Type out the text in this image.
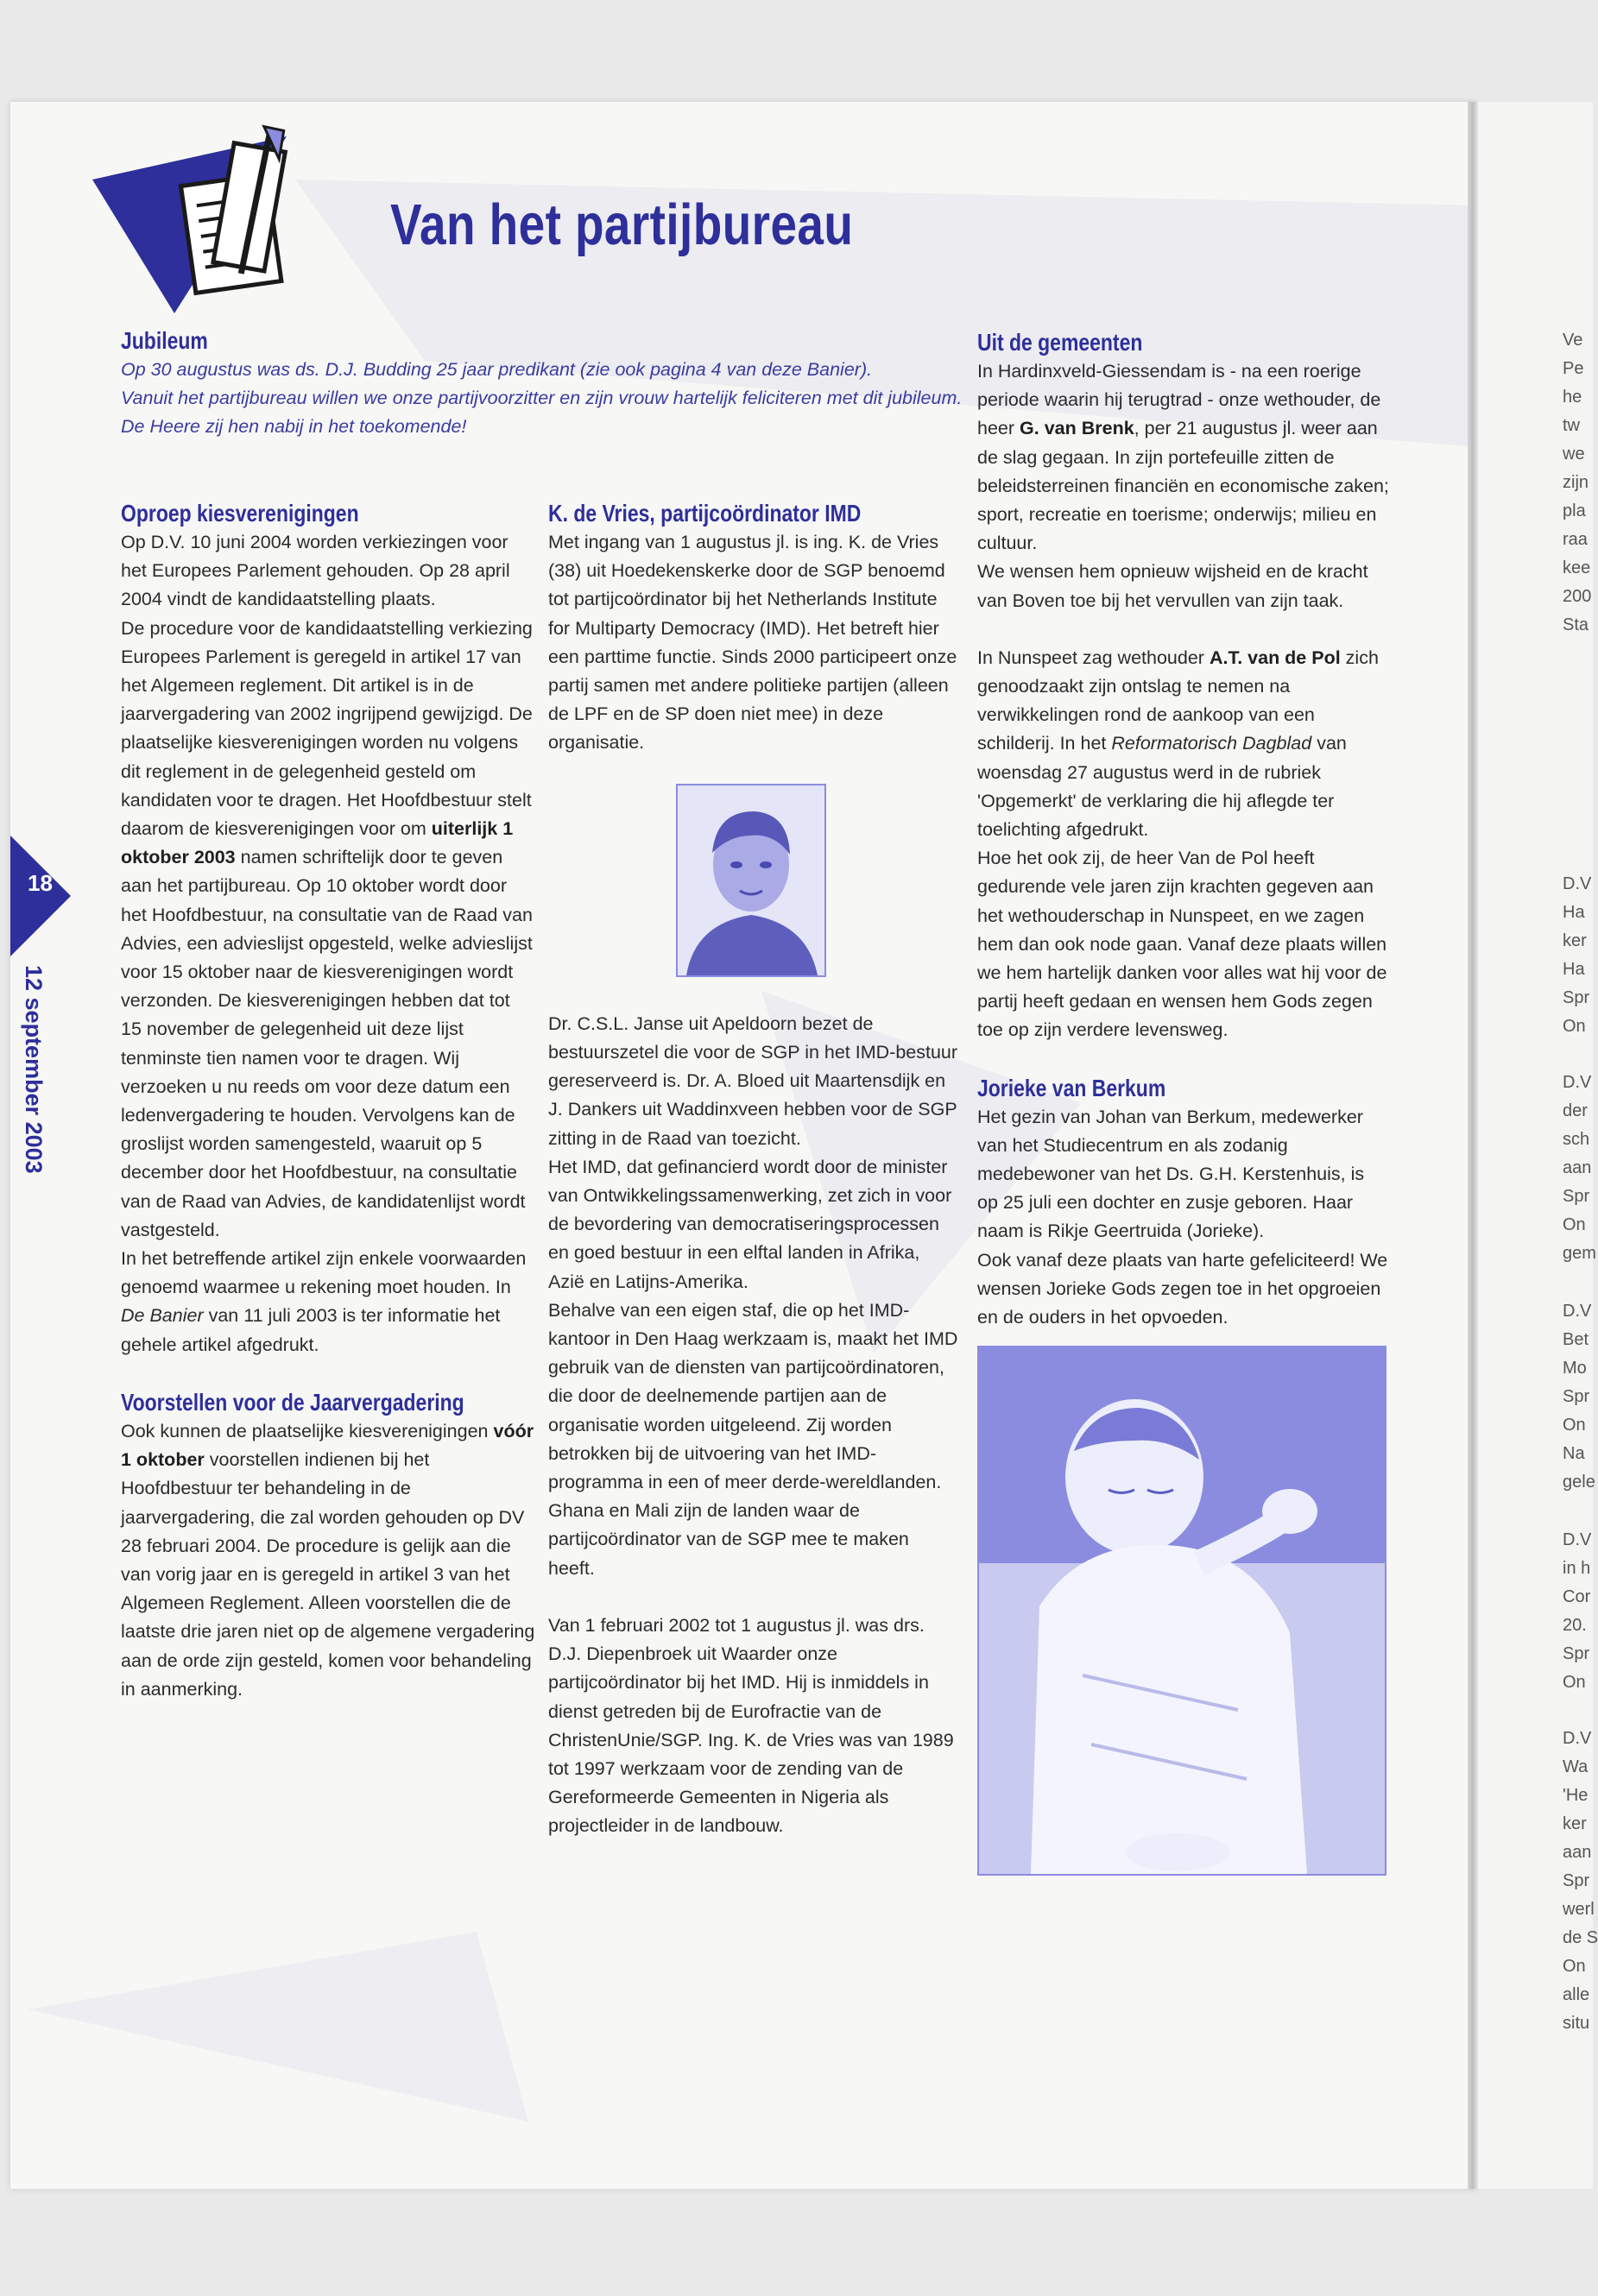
Van het partijbureau
18
12 september 2003
Jubileum

Op 30 augustus was ds. D.J. Budding 25 jaar predikant (zie ook pagina 4 van deze Banier).

Vanuit het partijbureau willen we onze partijvoorzitter en zijn vrouw hartelijk feliciteren met dit jubileum. De Heere zij hen nabij in het toekomende!

Oproep kiesverenigingen

Op D.V. 10 juni 2004 worden verkiezingen voor het Europees Parlement gehouden. Op 28 april 2004 vindt de kandidaatstelling plaats.

De procedure voor de kandidaatstelling verkiezing Europees Parlement is geregeld in artikel 17 van het Algemeen reglement. Dit artikel is in de jaarvergadering van 2002 ingrijpend gewijzigd. De plaatselijke kiesverenigingen worden nu volgens dit reglement in de gelegenheid gesteld om kandidaten voor te dragen. Het Hoofdbestuur stelt daarom de kiesverenigingen voor om uiterlijk 1 oktober 2003 namen schriftelijk door te geven aan het partijbureau. Op 10 oktober wordt door het Hoofdbestuur, na consultatie van de Raad van Advies, een advieslijst opgesteld, welke advieslijst voor 15 oktober naar de kiesverenigingen wordt verzonden. De kiesverenigingen hebben dat tot 15 november de gelegenheid uit deze lijst tenminste tien namen voor te dragen. Wij verzoeken u nu reeds om voor deze datum een ledenvergadering te houden. Vervolgens kan de groslijst worden samengesteld, waaruit op 5 december door het Hoofdbestuur, na consultatie van de Raad van Advies, de kandidatenlijst wordt vastgesteld.

In het betreffende artikel zijn enkele voorwaarden genoemd waarmee u rekening moet houden. In De Banier van 11 juli 2003 is ter informatie het gehele artikel afgedrukt.

Voorstellen voor de Jaarvergadering

Ook kunnen de plaatselijke kiesverenigingen vóór 1 oktober voorstellen indienen bij het Hoofdbestuur ter behandeling in de jaarvergadering, die zal worden gehouden op DV 28 februari 2004. De procedure is gelijk aan die van vorig jaar en is geregeld in artikel 3 van het Algemeen Reglement. Alleen voorstellen die de laatste drie jaren niet op de algemene vergadering aan de orde zijn gesteld, komen voor behandeling in aanmerking.

K. de Vries, partijcoördinator IMD

Met ingang van 1 augustus jl. is ing. K. de Vries (38) uit Hoedekenskerke door de SGP benoemd tot partijcoördinator bij het Netherlands Institute for Multiparty Democracy (IMD). Het betreft hier een parttime functie. Sinds 2000 participeert onze partij samen met andere politieke partijen (alleen de LPF en de SP doen niet mee) in deze organisatie.

Dr. C.S.L. Janse uit Apeldoorn bezet de bestuurszetel die voor de SGP in het IMD-bestuur gereserveerd is. Dr. A. Bloed uit Maartensdijk en J. Dankers uit Waddinxveen hebben voor de SGP zitting in de Raad van toezicht.

Het IMD, dat gefinancierd wordt door de minister van Ontwikkelingssamenwerking, zet zich in voor de bevordering van democratiseringsprocessen en goed bestuur in een elftal landen in Afrika, Azië en Latijns-Amerika.

Behalve van een eigen staf, die op het IMD-kantoor in Den Haag werkzaam is, maakt het IMD gebruik van de diensten van partijcoördinatoren, die door de deelnemende partijen aan de organisatie worden uitgeleend. Zij worden betrokken bij de uitvoering van het IMD- programma in een of meer derde-wereldlanden. Ghana en Mali zijn de landen waar de partijcoördinator van de SGP mee te maken heeft.

Van 1 februari 2002 tot 1 augustus jl. was drs. D.J. Diepenbroek uit Waarder onze partijcoördinator bij het IMD. Hij is inmiddels in dienst getreden bij de Eurofractie van de ChristenUnie/SGP. Ing. K. de Vries was van 1989 tot 1997 werkzaam voor de zending van de Gereformeerde Gemeenten in Nigeria als projectleider in de landbouw.

Uit de gemeenten

In Hardinxveld-Giessendam is - na een roerige periode waarin hij terugtrad - onze wethouder, de heer G. van Brenk, per 21 augustus jl. weer aan de slag gegaan. In zijn portefeuille zitten de beleidsterreinen financiën en economische zaken; sport, recreatie en toerisme; onderwijs; milieu en cultuur.

We wensen hem opnieuw wijsheid en de kracht van Boven toe bij het vervullen van zijn taak.

In Nunspeet zag wethouder A.T. van de Pol zich genoodzaakt zijn ontslag te nemen na verwikkelingen rond de aankoop van een schilderij. In het Reformatorisch Dagblad van woensdag 27 augustus werd in de rubriek 'Opgemerkt' de verklaring die hij aflegde ter toelichting afgedrukt.

Hoe het ook zij, de heer Van de Pol heeft gedurende vele jaren zijn krachten gegeven aan het wethouderschap in Nunspeet, en we zagen hem dan ook node gaan. Vanaf deze plaats willen we hem hartelijk danken voor alles wat hij voor de partij heeft gedaan en wensen hem Gods zegen toe op zijn verdere levensweg.

Jorieke van Berkum

Het gezin van Johan van Berkum, medewerker van het Studiecentrum en als zodanig medebewoner van het Ds. G.H. Kerstenhuis, is op 25 juli een dochter en zusje geboren. Haar naam is Rikje Geertruida (Jorieke).

Ook vanaf deze plaats van harte gefeliciteerd! We wensen Jorieke Gods zegen toe in het opgroeien en de ouders in het opvoeden.

Ve
Pe
he
tw
we
zijn
pla
raa
kee
200
Sta
D.V
Ha
ker
Ha
Spr
On
D.V
der
sch
aan
Spr
On
gem
D.V
Bet
Mo
Spr
On
Na
gele
D.V
in h
Cor
20.
Spr
On
D.V
Wa
'He
ker
aan
Spr
werl
de S
On
alle
situ
